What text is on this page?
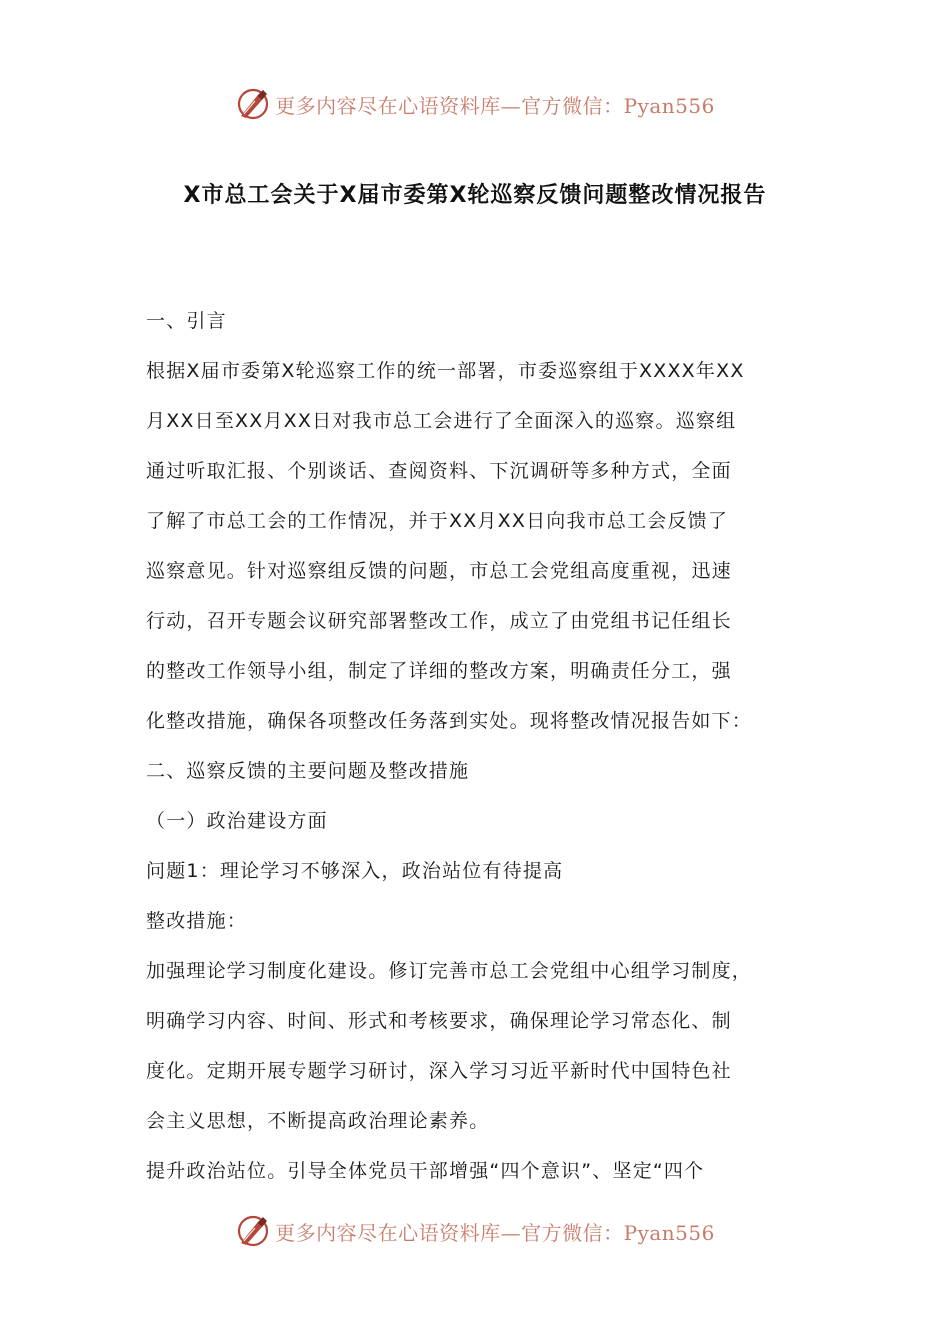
更多内容尽在心语资料库—官方微信：Pyan556
X市总工会关于X届市委第X轮巡察反馈问题整改情况报告
一、引言
根据X届市委第X轮巡察工作的统一部署，市委巡察组于XXXX年XX
月XX日至XX月XX日对我市总工会进行了全面深入的巡察。巡察组
通过听取汇报、个别谈话、查阅资料、下沉调研等多种方式，全面
了解了市总工会的工作情况，并于XX月XX日向我市总工会反馈了
巡察意见。针对巡察组反馈的问题，市总工会党组高度重视，迅速
行动，召开专题会议研究部署整改工作，成立了由党组书记任组长
的整改工作领导小组，制定了详细的整改方案，明确责任分工，强
化整改措施，确保各项整改任务落到实处。现将整改情况报告如下：
二、巡察反馈的主要问题及整改措施
（一）政治建设方面
问题1：理论学习不够深入，政治站位有待提高
整改措施：
加强理论学习制度化建设。修订完善市总工会党组中心组学习制度，
明确学习内容、时间、形式和考核要求，确保理论学习常态化、制
度化。定期开展专题学习研讨，深入学习习近平新时代中国特色社
会主义思想，不断提高政治理论素养。
提升政治站位。引导全体党员干部增强“四个意识”、坚定“四个
更多内容尽在心语资料库—官方微信：Pyan556
